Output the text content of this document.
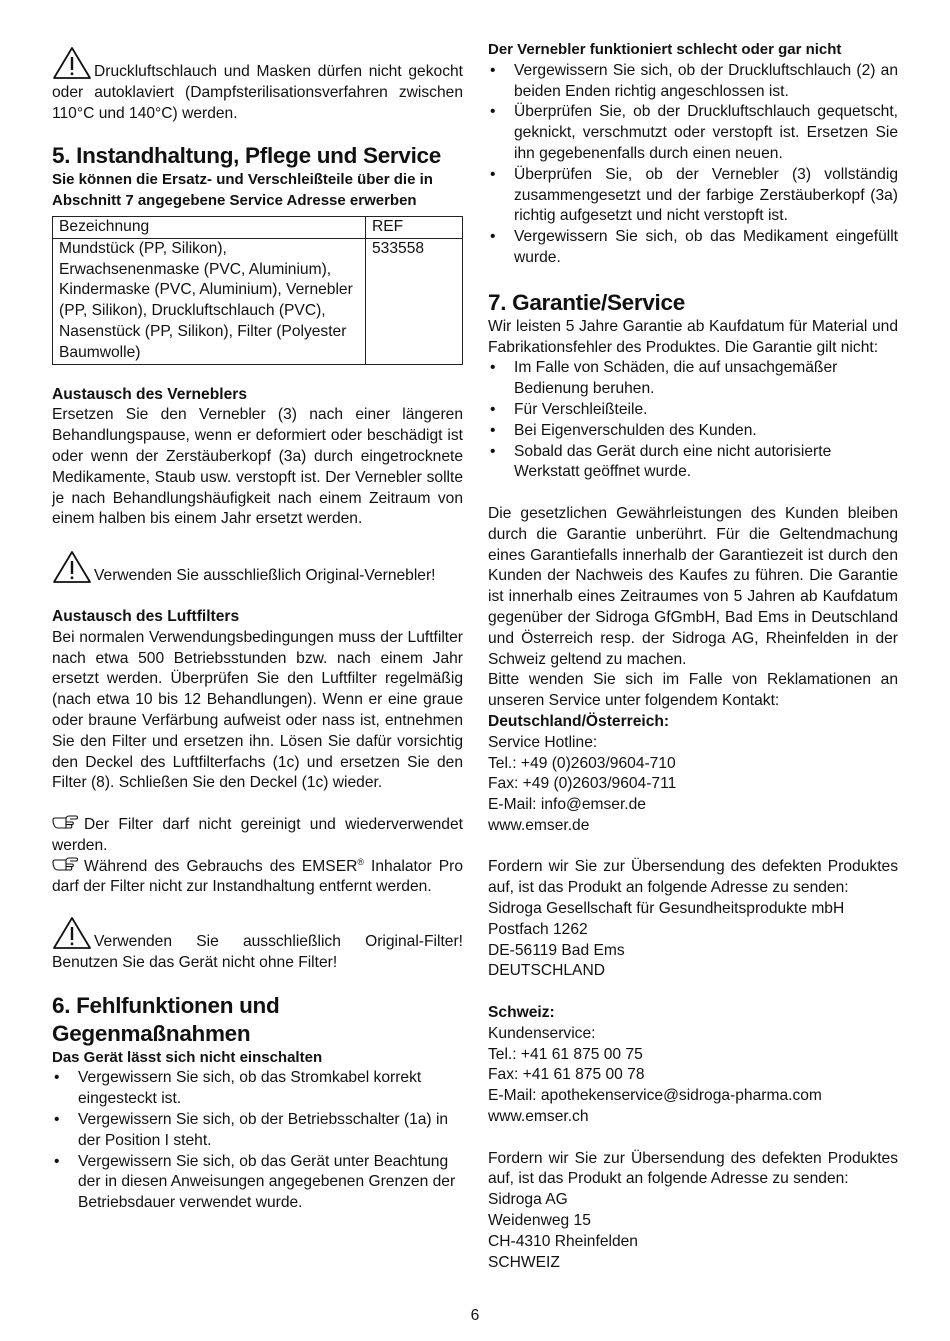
Druckluftschlauch und Masken dürfen nicht gekocht oder autoklaviert (Dampfsterilisationsverfahren zwischen 110°C und 140°C) werden.

5. Instandhaltung, Pflege und Service

Sie können die Ersatz- und Verschleißteile über die in Abschnitt 7 angegebene Service Adresse erwerben

Bezeichnung	REF
Mundstück (PP, Silikon), Erwachsenenmaske (PVC, Aluminium), Kindermaske (PVC, Aluminium), Vernebler (PP, Silikon), Druckluftschlauch (PVC), Nasenstück (PP, Silikon), Filter (Polyester Baumwolle)	533558

Austausch des Verneblers

Ersetzen Sie den Vernebler (3) nach einer längeren Behandlungspause, wenn er deformiert oder beschädigt ist oder wenn der Zerstäuberkopf (3a) durch eingetrocknete Medikamente, Staub usw. verstopft ist. Der Vernebler sollte je nach Behandlungshäufigkeit nach einem Zeitraum von einem halben bis einem Jahr ersetzt werden.

Verwenden Sie ausschließlich Original-Vernebler!

Austausch des Luftfilters

Bei normalen Verwendungsbedingungen muss der Luftfilter nach etwa 500 Betriebsstunden bzw. nach einem Jahr ersetzt werden. Überprüfen Sie den Luftfilter regelmäßig (nach etwa 10 bis 12 Behandlungen). Wenn er eine graue oder braune Verfärbung aufweist oder nass ist, entnehmen Sie den Filter und ersetzen ihn. Lösen Sie dafür vorsichtig den Deckel des Luftfilterfachs (1c) und ersetzen Sie den Filter (8). Schließen Sie den Deckel (1c) wieder.

Der Filter darf nicht gereinigt und wiederverwendet werden.

Während des Gebrauchs des EMSER® Inhalator Pro darf der Filter nicht zur Instandhaltung entfernt werden.

Verwenden Sie ausschließlich Original-Filter! Benutzen Sie das Gerät nicht ohne Filter!

6. Fehlfunktionen und Gegenmaßnahmen

Das Gerät lässt sich nicht einschalten

• Vergewissern Sie sich, ob das Stromkabel korrekt eingesteckt ist.
• Vergewissern Sie sich, ob der Betriebsschalter (1a) in der Position I steht.
• Vergewissern Sie sich, ob das Gerät unter Beachtung der in diesen Anweisungen angegebenen Grenzen der Betriebsdauer verwendet wurde.

Der Vernebler funktioniert schlecht oder gar nicht

• Vergewissern Sie sich, ob der Druckluftschlauch (2) an beiden Enden richtig angeschlossen ist.
• Überprüfen Sie, ob der Druckluftschlauch gequetscht, geknickt, verschmutzt oder verstopft ist. Ersetzen Sie ihn gegebenenfalls durch einen neuen.
• Überprüfen Sie, ob der Vernebler (3) vollständig zusammengesetzt und der farbige Zerstäuberkopf (3a) richtig aufgesetzt und nicht verstopft ist.
• Vergewissern Sie sich, ob das Medikament eingefüllt wurde.
7. Garantie/Service

Wir leisten 5 Jahre Garantie ab Kaufdatum für Material und Fabrikationsfehler des Produktes. Die Garantie gilt nicht:

• Im Falle von Schäden, die auf unsachgemäßer Bedienung beruhen.
• Für Verschleißteile.
• Bei Eigenverschulden des Kunden.
• Sobald das Gerät durch eine nicht autorisierte Werkstatt geöffnet wurde.

Die gesetzlichen Gewährleistungen des Kunden bleiben durch die Garantie unberührt. Für die Geltendmachung eines Garantiefalls innerhalb der Garantiezeit ist durch den Kunden der Nachweis des Kaufes zu führen. Die Garantie ist innerhalb eines Zeitraumes von 5 Jahren ab Kaufdatum gegenüber der Sidroga GfGmbH, Bad Ems in Deutschland und Österreich resp. der Sidroga AG, Rheinfelden in der Schweiz geltend zu machen.

Bitte wenden Sie sich im Falle von Reklamationen an unseren Service unter folgendem Kontakt:

Deutschland/Österreich:

Service Hotline:

Tel.: +49 (0)2603/9604-710

Fax: +49 (0)2603/9604-711

E-Mail: info@emser.de

www.emser.de

Fordern wir Sie zur Übersendung des defekten Produktes auf, ist das Produkt an folgende Adresse zu senden:

Sidroga Gesellschaft für Gesundheitsprodukte mbH

Postfach 1262

DE-56119 Bad Ems

DEUTSCHLAND

Schweiz:

Kundenservice:

Tel.: +41 61 875 00 75

Fax: +41 61 875 00 78

E-Mail: apothekenservice@sidroga-pharma.com

www.emser.ch

Fordern wir Sie zur Übersendung des defekten Produktes auf, ist das Produkt an folgende Adresse zu senden:

Sidroga AG

Weidenweg 15

CH-4310 Rheinfelden

SCHWEIZ

6
